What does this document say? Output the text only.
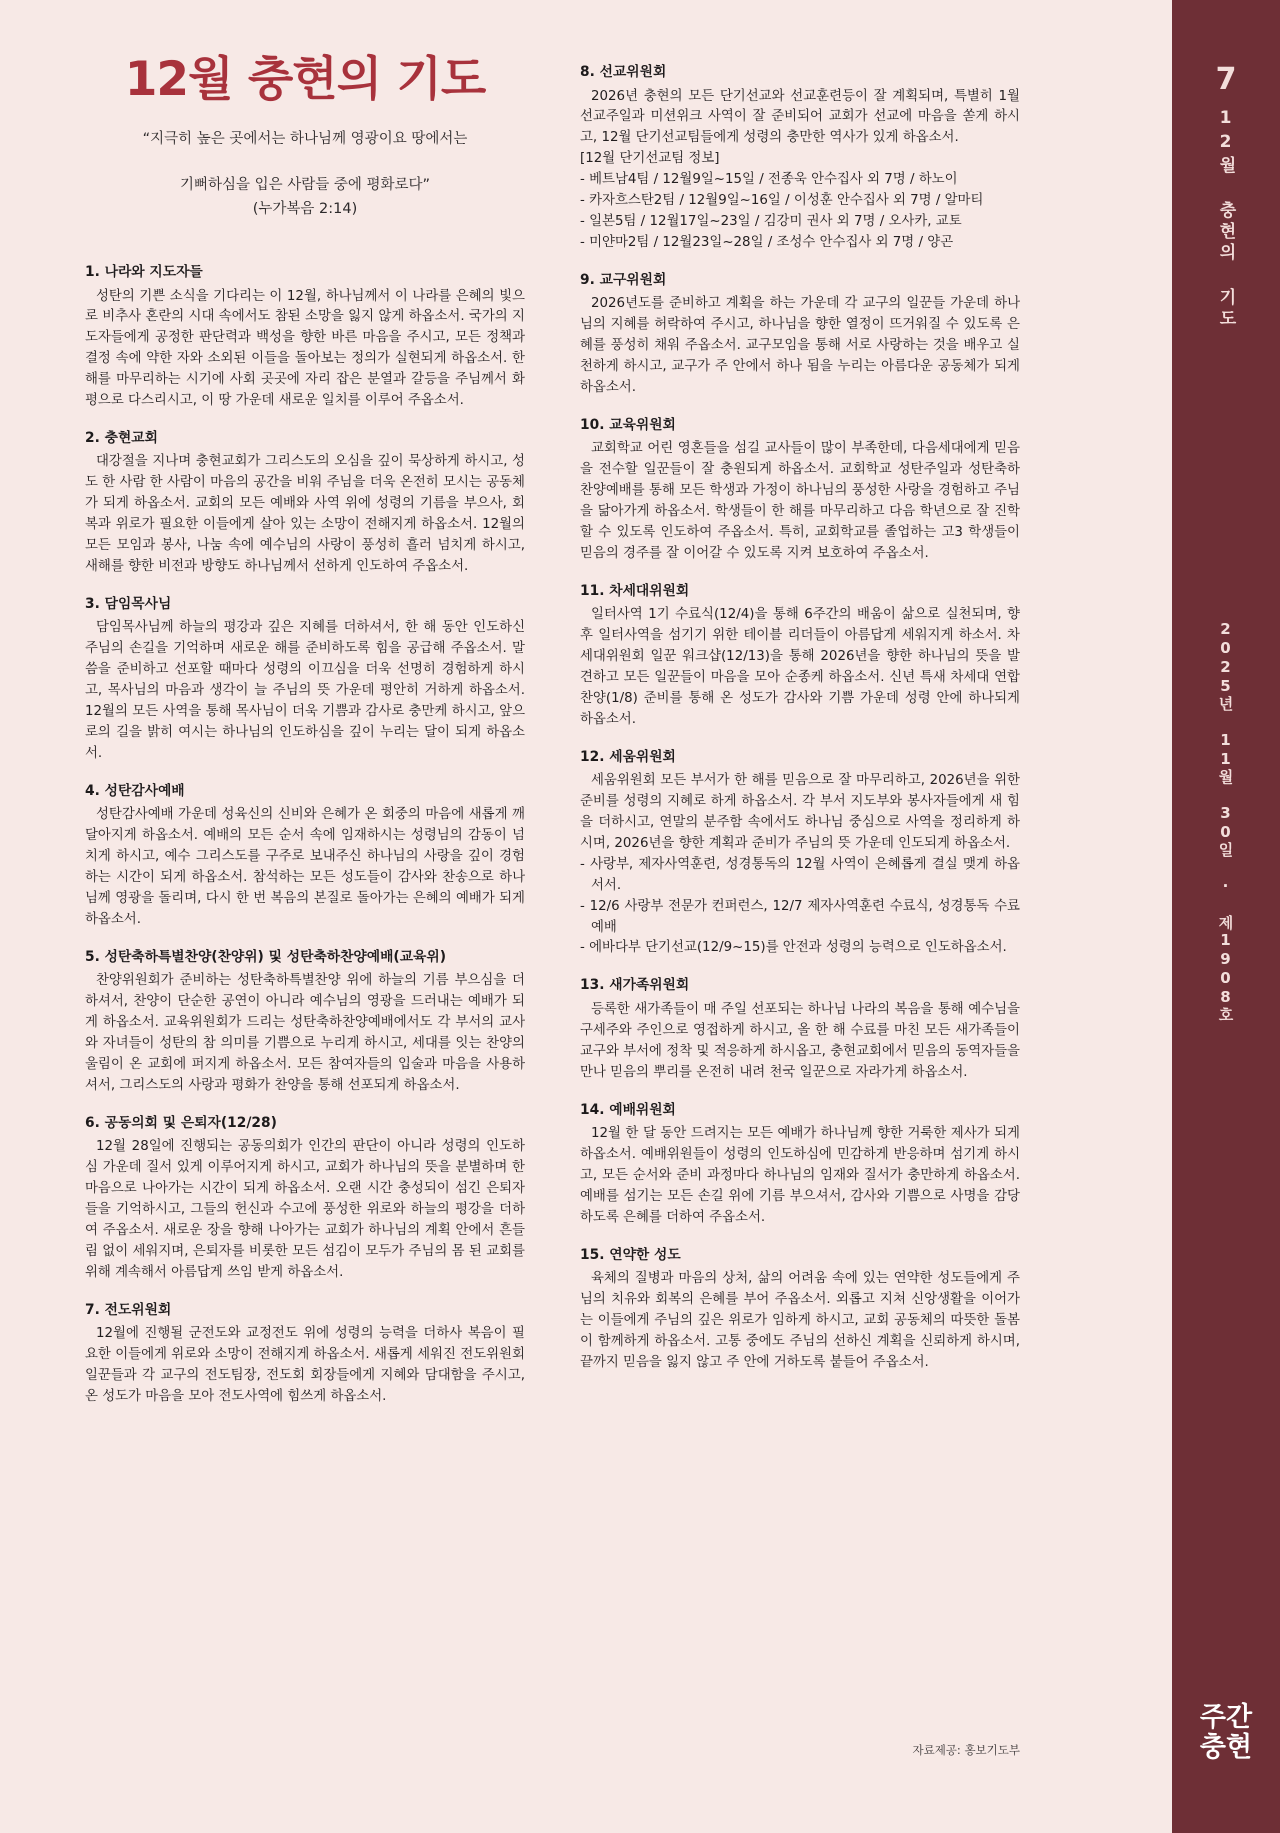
12월 충현의 기도
“지극히 높은 곳에서는 하나님께 영광이요 땅에서는
기뻐하심을 입은 사람들 중에 평화로다”
(누가복음 2:14)
1. 나라와 지도자들

성탄의 기쁜 소식을 기다리는 이 12월, 하나님께서 이 나라를 은혜의 빛으로 비추사 혼란의 시대 속에서도 참된 소망을 잃지 않게 하옵소서. 국가의 지도자들에게 공정한 판단력과 백성을 향한 바른 마음을 주시고, 모든 정책과 결정 속에 약한 자와 소외된 이들을 돌아보는 정의가 실현되게 하옵소서. 한 해를 마무리하는 시기에 사회 곳곳에 자리 잡은 분열과 갈등을 주님께서 화평으로 다스리시고, 이 땅 가운데 새로운 일치를 이루어 주옵소서.

2. 충현교회

대강절을 지나며 충현교회가 그리스도의 오심을 깊이 묵상하게 하시고, 성도 한 사람 한 사람이 마음의 공간을 비워 주님을 더욱 온전히 모시는 공동체가 되게 하옵소서. 교회의 모든 예배와 사역 위에 성령의 기름을 부으사, 회복과 위로가 필요한 이들에게 살아 있는 소망이 전해지게 하옵소서. 12월의 모든 모임과 봉사, 나눔 속에 예수님의 사랑이 풍성히 흘러 넘치게 하시고, 새해를 향한 비전과 방향도 하나님께서 선하게 인도하여 주옵소서.

3. 담임목사님

담임목사님께 하늘의 평강과 깊은 지혜를 더하셔서, 한 해 동안 인도하신 주님의 손길을 기억하며 새로운 해를 준비하도록 힘을 공급해 주옵소서. 말씀을 준비하고 선포할 때마다 성령의 이끄심을 더욱 선명히 경험하게 하시고, 목사님의 마음과 생각이 늘 주님의 뜻 가운데 평안히 거하게 하옵소서. 12월의 모든 사역을 통해 목사님이 더욱 기쁨과 감사로 충만케 하시고, 앞으로의 길을 밝히 여시는 하나님의 인도하심을 깊이 누리는 달이 되게 하옵소서.

4. 성탄감사예배

성탄감사예배 가운데 성육신의 신비와 은혜가 온 회중의 마음에 새롭게 깨달아지게 하옵소서. 예배의 모든 순서 속에 임재하시는 성령님의 감동이 넘치게 하시고, 예수 그리스도를 구주로 보내주신 하나님의 사랑을 깊이 경험하는 시간이 되게 하옵소서. 참석하는 모든 성도들이 감사와 찬송으로 하나님께 영광을 돌리며, 다시 한 번 복음의 본질로 돌아가는 은혜의 예배가 되게 하옵소서.

5. 성탄축하특별찬양(찬양위) 및 성탄축하찬양예배(교육위)

찬양위원회가 준비하는 성탄축하특별찬양 위에 하늘의 기름 부으심을 더하셔서, 찬양이 단순한 공연이 아니라 예수님의 영광을 드러내는 예배가 되게 하옵소서. 교육위원회가 드리는 성탄축하찬양예배에서도 각 부서의 교사와 자녀들이 성탄의 참 의미를 기쁨으로 누리게 하시고, 세대를 잇는 찬양의 울림이 온 교회에 퍼지게 하옵소서. 모든 참여자들의 입술과 마음을 사용하셔서, 그리스도의 사랑과 평화가 찬양을 통해 선포되게 하옵소서.

6. 공동의회 및 은퇴자(12/28)

12월 28일에 진행되는 공동의회가 인간의 판단이 아니라 성령의 인도하심 가운데 질서 있게 이루어지게 하시고, 교회가 하나님의 뜻을 분별하며 한마음으로 나아가는 시간이 되게 하옵소서. 오랜 시간 충성되이 섬긴 은퇴자들을 기억하시고, 그들의 헌신과 수고에 풍성한 위로와 하늘의 평강을 더하여 주옵소서. 새로운 장을 향해 나아가는 교회가 하나님의 계획 안에서 흔들림 없이 세워지며, 은퇴자를 비롯한 모든 섬김이 모두가 주님의 몸 된 교회를 위해 계속해서 아름답게 쓰임 받게 하옵소서.

7. 전도위원회

12월에 진행될 군전도와 교정전도 위에 성령의 능력을 더하사 복음이 필요한 이들에게 위로와 소망이 전해지게 하옵소서. 새롭게 세워진 전도위원회 일꾼들과 각 교구의 전도팀장, 전도회 회장들에게 지혜와 담대함을 주시고, 온 성도가 마음을 모아 전도사역에 힘쓰게 하옵소서.

8. 선교위원회

2026년 충현의 모든 단기선교와 선교훈련등이 잘 계획되며, 특별히 1월 선교주일과 미션위크 사역이 잘 준비되어 교회가 선교에 마음을 쏟게 하시고, 12월 단기선교팀들에게 성령의 충만한 역사가 있게 하옵소서.

[12월 단기선교팀 정보]

- 베트남4팀 / 12월9일~15일 / 전종욱 안수집사 외 7명 / 하노이
- 카자흐스탄2팀 / 12월9일~16일 / 이성훈 안수집사 외 7명 / 알마티
- 일본5팀 / 12월17일~23일 / 김강미 권사 외 7명 / 오사카, 교토
- 미얀마2팀 / 12월23일~28일 / 조성수 안수집사 외 7명 / 양곤
9. 교구위원회

2026년도를 준비하고 계획을 하는 가운데 각 교구의 일꾼들 가운데 하나님의 지혜를 허락하여 주시고, 하나님을 향한 열정이 뜨거워질 수 있도록 은혜를 풍성히 채워 주옵소서. 교구모임을 통해 서로 사랑하는 것을 배우고 실천하게 하시고, 교구가 주 안에서 하나 됨을 누리는 아름다운 공동체가 되게 하옵소서.

10. 교육위원회

교회학교 어린 영혼들을 섬길 교사들이 많이 부족한데, 다음세대에게 믿음을 전수할 일꾼들이 잘 충원되게 하옵소서. 교회학교 성탄주일과 성탄축하 찬양예배를 통해 모든 학생과 가정이 하나님의 풍성한 사랑을 경험하고 주님을 닮아가게 하옵소서. 학생들이 한 해를 마무리하고 다음 학년으로 잘 진학할 수 있도록 인도하여 주옵소서. 특히, 교회학교를 졸업하는 고3 학생들이 믿음의 경주를 잘 이어갈 수 있도록 지켜 보호하여 주옵소서.

11. 차세대위원회

일터사역 1기 수료식(12/4)을 통해 6주간의 배움이 삶으로 실천되며, 향후 일터사역을 섬기기 위한 테이블 리더들이 아름답게 세워지게 하소서. 차세대위원회 일꾼 워크샵(12/13)을 통해 2026년을 향한 하나님의 뜻을 발견하고 모든 일꾼들이 마음을 모아 순종케 하옵소서. 신년 특새 차세대 연합찬양(1/8) 준비를 통해 온 성도가 감사와 기쁨 가운데 성령 안에 하나되게 하옵소서.

12. 세움위원회

세움위원회 모든 부서가 한 해를 믿음으로 잘 마무리하고, 2026년을 위한 준비를 성령의 지혜로 하게 하옵소서. 각 부서 지도부와 봉사자들에게 새 힘을 더하시고, 연말의 분주함 속에서도 하나님 중심으로 사역을 정리하게 하시며, 2026년을 향한 계획과 준비가 주님의 뜻 가운데 인도되게 하옵소서.

- 사랑부, 제자사역훈련, 성경통독의 12월 사역이 은혜롭게 결실 맺게 하옵서서.
- 12/6 사랑부 전문가 컨퍼런스, 12/7 제자사역훈련 수료식, 성경통독 수료예배
- 에바다부 단기선교(12/9~15)를 안전과 성령의 능력으로 인도하옵소서.
13. 새가족위원회

등록한 새가족들이 매 주일 선포되는 하나님 나라의 복음을 통해 예수님을 구세주와 주인으로 영접하게 하시고, 올 한 해 수료를 마친 모든 새가족들이 교구와 부서에 정착 및 적응하게 하시옵고, 충현교회에서 믿음의 동역자들을 만나 믿음의 뿌리를 온전히 내려 천국 일꾼으로 자라가게 하옵소서.

14. 예배위원회

12월 한 달 동안 드려지는 모든 예배가 하나님께 향한 거룩한 제사가 되게 하옵소서. 예배위원들이 성령의 인도하심에 민감하게 반응하며 섬기게 하시고, 모든 순서와 준비 과정마다 하나님의 임재와 질서가 충만하게 하옵소서. 예배를 섬기는 모든 손길 위에 기름 부으셔서, 감사와 기쁨으로 사명을 감당하도록 은혜를 더하여 주옵소서.

15. 연약한 성도

육체의 질병과 마음의 상처, 삶의 어려움 속에 있는 연약한 성도들에게 주님의 치유와 회복의 은혜를 부어 주옵소서. 외롭고 지쳐 신앙생활을 이어가는 이들에게 주님의 깊은 위로가 임하게 하시고, 교회 공동체의 따뜻한 돌봄이 함께하게 하옵소서. 고통 중에도 주님의 선하신 계획을 신뢰하게 하시며, 끝까지 믿음을 잃지 않고 주 안에 거하도록 붙들어 주옵소서.

자료제공: 홍보기도부
7
12월 충현의 기도
2025년 11월 30일 · 제1908호
주간
충현
